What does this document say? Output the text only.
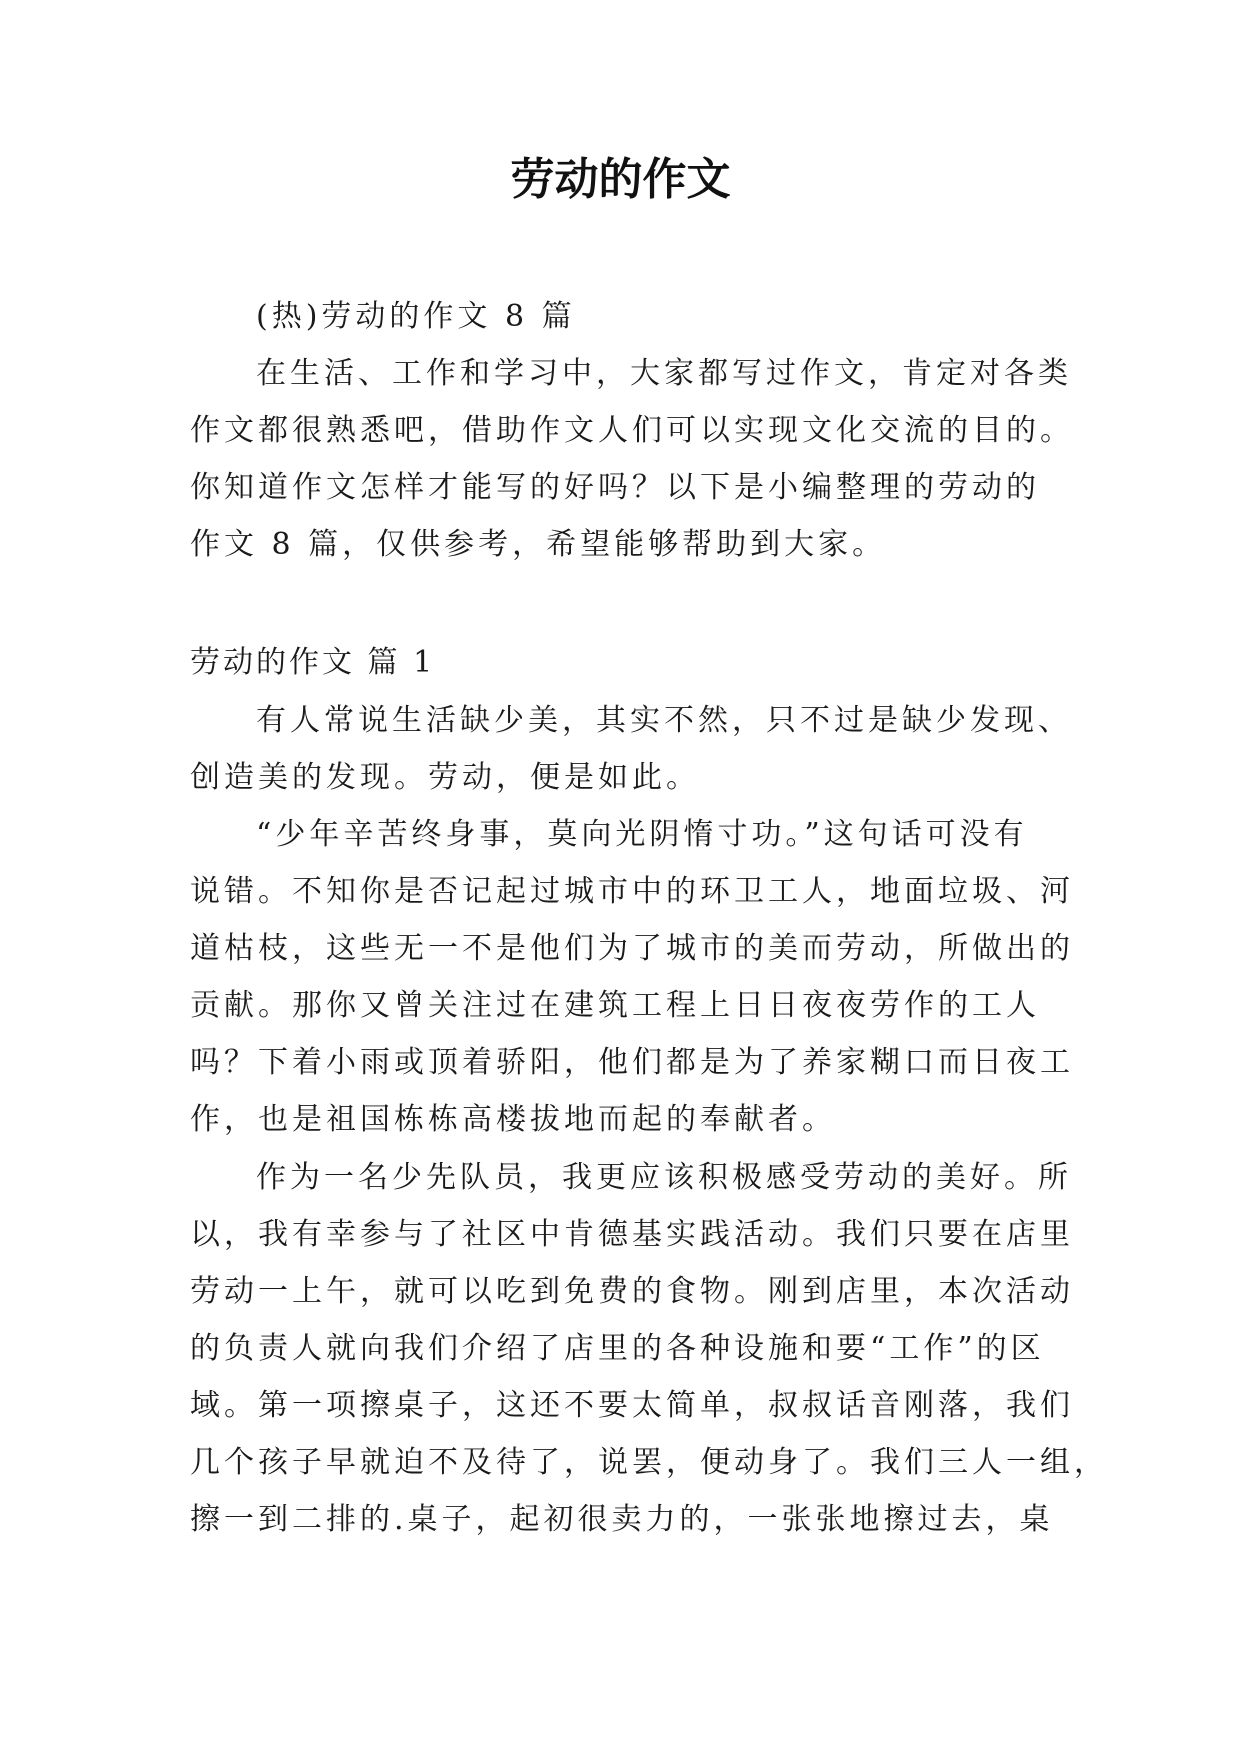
劳动的作文
(热)劳动的作文 8 篇
在生活、工作和学习中，大家都写过作文，肯定对各类
作文都很熟悉吧，借助作文人们可以实现文化交流的目的。
你知道作文怎样才能写的好吗？以下是小编整理的劳动的
作文 8 篇，仅供参考，希望能够帮助到大家。
劳动的作文 篇 1
有人常说生活缺少美，其实不然，只不过是缺少发现、
创造美的发现。劳动，便是如此。
“少年辛苦终身事，莫向光阴惰寸功。”这句话可没有
说错。不知你是否记起过城市中的环卫工人，地面垃圾、河
道枯枝，这些无一不是他们为了城市的美而劳动，所做出的
贡献。那你又曾关注过在建筑工程上日日夜夜劳作的工人
吗？下着小雨或顶着骄阳，他们都是为了养家糊口而日夜工
作，也是祖国栋栋高楼拔地而起的奉献者。
作为一名少先队员，我更应该积极感受劳动的美好。所
以，我有幸参与了社区中肯德基实践活动。我们只要在店里
劳动一上午，就可以吃到免费的食物。刚到店里，本次活动
的负责人就向我们介绍了店里的各种设施和要“工作”的区
域。第一项擦桌子，这还不要太简单，叔叔话音刚落，我们
几个孩子早就迫不及待了，说罢，便动身了。我们三人一组，
擦一到二排的.桌子，起初很卖力的，一张张地擦过去，桌
